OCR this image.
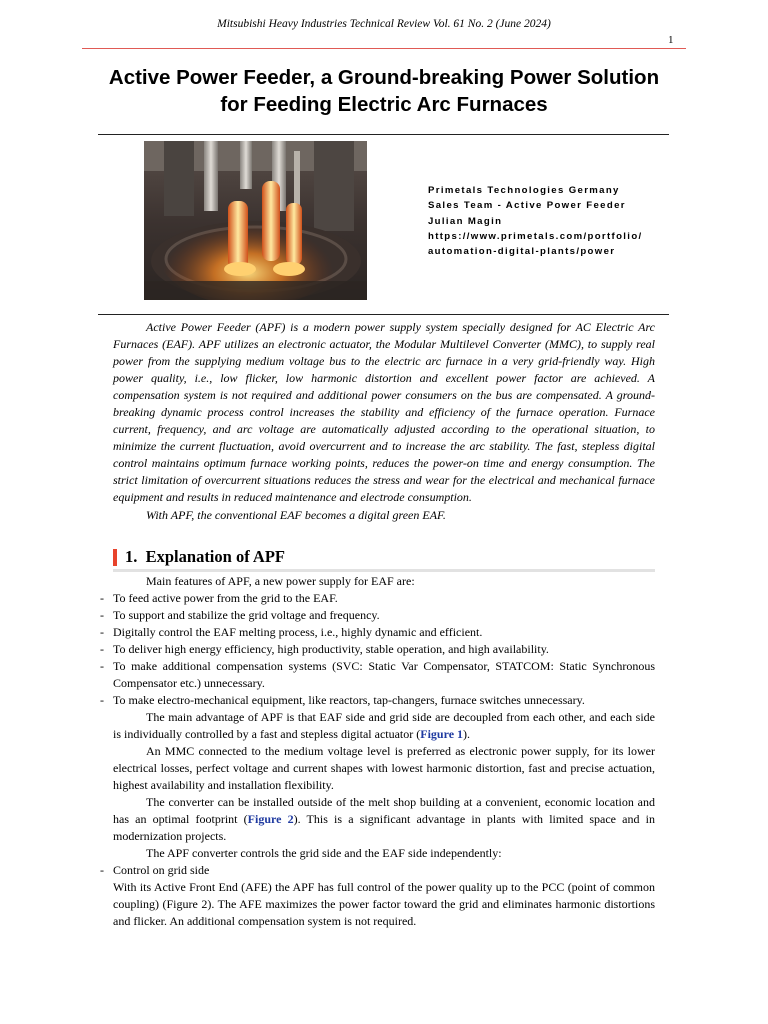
Mitsubishi Heavy Industries Technical Review Vol. 61 No. 2 (June 2024)
1
Active Power Feeder, a Ground-breaking Power Solution
for Feeding Electric Arc Furnaces
Primetals Technologies Germany
Sales Team - Active Power Feeder
Julian Magin
https://www.primetals.com/portfolio/
automation-digital-plants/power

Active Power Feeder (APF) is a modern power supply system specially designed for AC Electric Arc Furnaces (EAF). APF utilizes an electronic actuator, the Modular Multilevel Converter (MMC), to supply real power from the supplying medium voltage bus to the electric arc furnace in a very grid-friendly way. High power quality, i.e., low flicker, low harmonic distortion and excellent power factor are achieved. A compensation system is not required and additional power consumers on the bus are compensated. A ground-breaking dynamic process control increases the stability and efficiency of the furnace operation. Furnace current, frequency, and arc voltage are automatically adjusted according to the operational situation, to minimize the current fluctuation, avoid overcurrent and to increase the arc stability. The fast, stepless digital control maintains optimum furnace working points, reduces the power-on time and energy consumption. The strict limitation of overcurrent situations reduces the stress and wear for the electrical and mechanical furnace equipment and results in reduced maintenance and electrode consumption.

With APF, the conventional EAF becomes a digital green EAF.

1. Explanation of APF

Main features of APF, a new power supply for EAF are:

- To feed active power from the grid to the EAF.

- To support and stabilize the grid voltage and frequency.

- Digitally control the EAF melting process, i.e., highly dynamic and efficient.

- To deliver high energy efficiency, high productivity, stable operation, and high availability.

- To make additional compensation systems (SVC: Static Var Compensator, STATCOM: Static Synchronous Compensator etc.) unnecessary.

- To make electro-mechanical equipment, like reactors, tap-changers, furnace switches unnecessary.

The main advantage of APF is that EAF side and grid side are decoupled from each other, and each side is individually controlled by a fast and stepless digital actuator (Figure 1).

An MMC connected to the medium voltage level is preferred as electronic power supply, for its lower electrical losses, perfect voltage and current shapes with lowest harmonic distortion, fast and precise actuation, highest availability and installation flexibility.

The converter can be installed outside of the melt shop building at a convenient, economic location and has an optimal footprint (Figure 2). This is a significant advantage in plants with limited space and in modernization projects.

The APF converter controls the grid side and the EAF side independently:

- Control on grid side

With its Active Front End (AFE) the APF has full control of the power quality up to the PCC (point of common coupling) (Figure 2). The AFE maximizes the power factor toward the grid and eliminates harmonic distortions and flicker. An additional compensation system is not required.
